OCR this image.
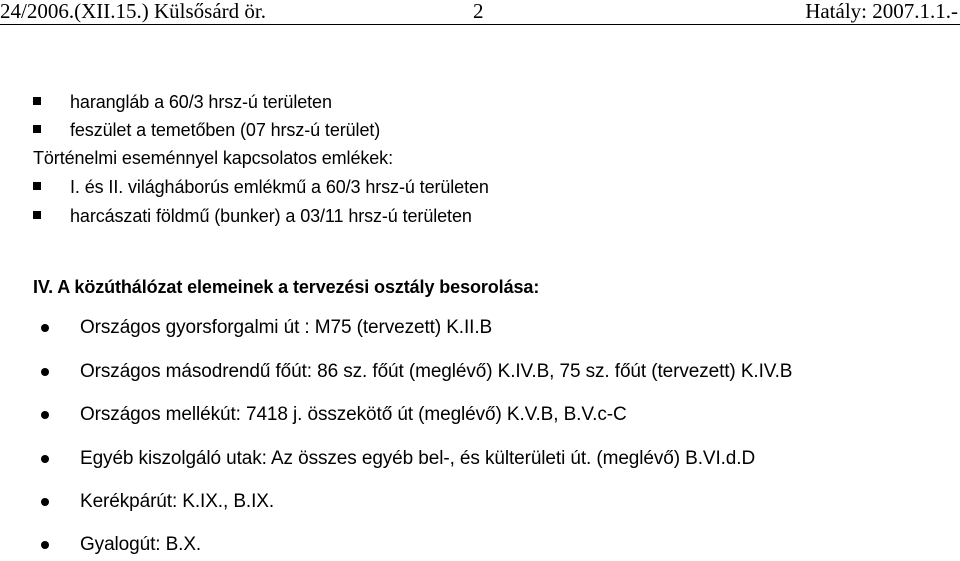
24/2006.(XII.15.) Külsősárd ör.	2	Hatály: 2007.1.1.-
harangláb a 60/3 hrsz-ú területen
feszület a temetőben (07 hrsz-ú terület)
Történelmi eseménnyel kapcsolatos emlékek:
I. és II. világháborús emlékmű a 60/3 hrsz-ú területen
harcászati földmű (bunker) a 03/11 hrsz-ú területen
IV. A közúthálózat elemeinek a tervezési osztály besorolása:
Országos gyorsforgalmi út : M75 (tervezett) K.II.B
Országos másodrendű főút: 86 sz. főút (meglévő) K.IV.B, 75 sz. főút (tervezett) K.IV.B
Országos mellékút: 7418 j. összekötő út (meglévő) K.V.B, B.V.c-C
Egyéb kiszolgáló utak: Az összes egyéb bel-, és külterületi út. (meglévő) B.VI.d.D
Kerékpárút: K.IX., B.IX.
Gyalogút: B.X.
